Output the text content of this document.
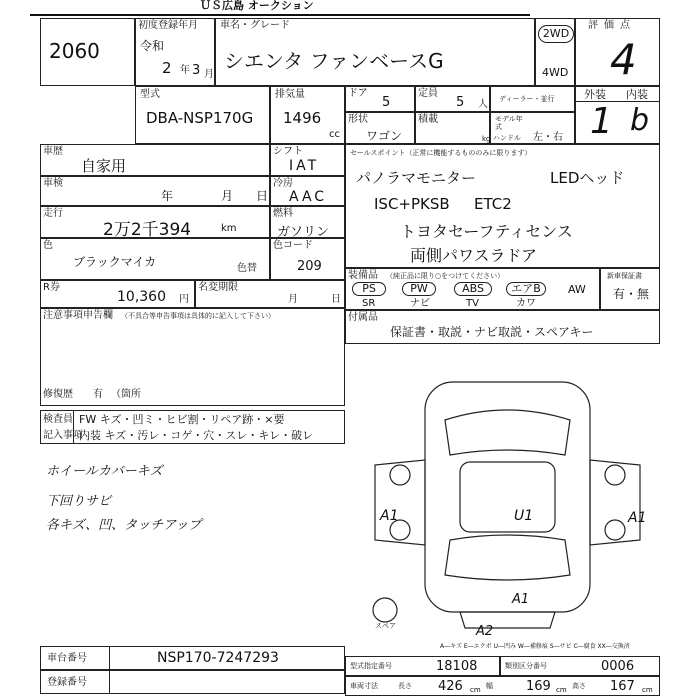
ＵＳ広島 オークション
2060
初度登録年月
令和
2 年 3 月
車名・グレード
シエンタ ファンベースG
2WD
4WD
評価点
4
型式
DBA-NSP170G
排気量
1496
cc
ドア
5
定員
5 人 ディーラー・並行
形状
ワゴン
積載
kg
モデル年式
ハンドル 左・右
外装 内装
1 b
車歴
自家用
シフト
IAT
車検
年	月 日
冷房
AAC
走行
2万2千394	km
燃料
ガソリン
色
ブラックマイカ	色替
色コード
209
R券
10,360 円
名変期限
月	日
注意事項申告欄 （不具合等申告事項は具体的に記入して下さい）
修復歴 有 （箇所
セールスポイント（正常に機能するもののみに限ります）
パノラマモニター	LEDヘッド
ISC+PKSB ETC2
トヨタセーフティセンス
両側パワスラドア
装備品 （純正品に限り○をつけてください）
PS
SR
PW
ナビ
ABS
TV
エアB
カワ
AW
新車保証書
有・無
付属品
保証書・取説・ナビ取説・スペアキー
検査員
記入事項
FW キズ・凹ミ・ヒビ割・リペア跡・×要
内装 キズ・汚レ・コゲ・穴・スレ・キレ・破レ
ホイールカバーキズ
下回りサビ
各キズ、凹、タッチアップ
A1	U1	A1
A1
A2
スペア
A―キズ E―エクボ U―凹み W―補修痕 S―サビ C―腐食 XX―交換済
車台番号	NSP170-7247293
登録番号
型式指定番号	18108	類別区分番号	0006
車両寸法	長さ 426 cm 幅	169 cm 高さ 167 cm
